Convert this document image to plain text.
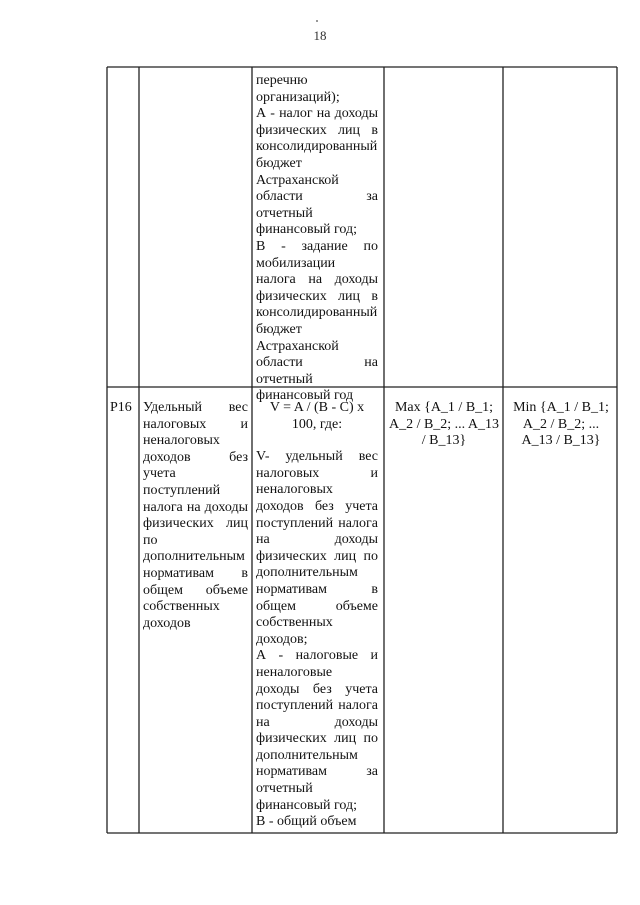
18
перечню организаций);
А - налог на доходы физических лиц в консолидированный бюджет Астраханской области за отчетный финансовый год;
В - задание по мобилизации налога на доходы физических лиц в консолидированный бюджет Астраханской области на отчетный финансовый год
Р16 Удельный вес налоговых и неналоговых доходов без учета поступлений налога на доходы физических лиц по дополнительным нормативам в общем объеме собственных доходов
V = A / (B - C) x 100, где:
V- удельный вес налоговых и неналоговых доходов без учета поступлений налога на доходы физических лиц по дополнительным нормативам в общем объеме собственных доходов;
А - налоговые и неналоговые доходы без учета поступлений налога на доходы физических лиц по дополнительным нормативам за отчетный финансовый год;
В - общий объем
Max {A_1 / B_1; A_2 / B_2; ... A_13 / B_13}
Min {A_1 / B_1; A_2 / B_2; ... A_13 / B_13}
